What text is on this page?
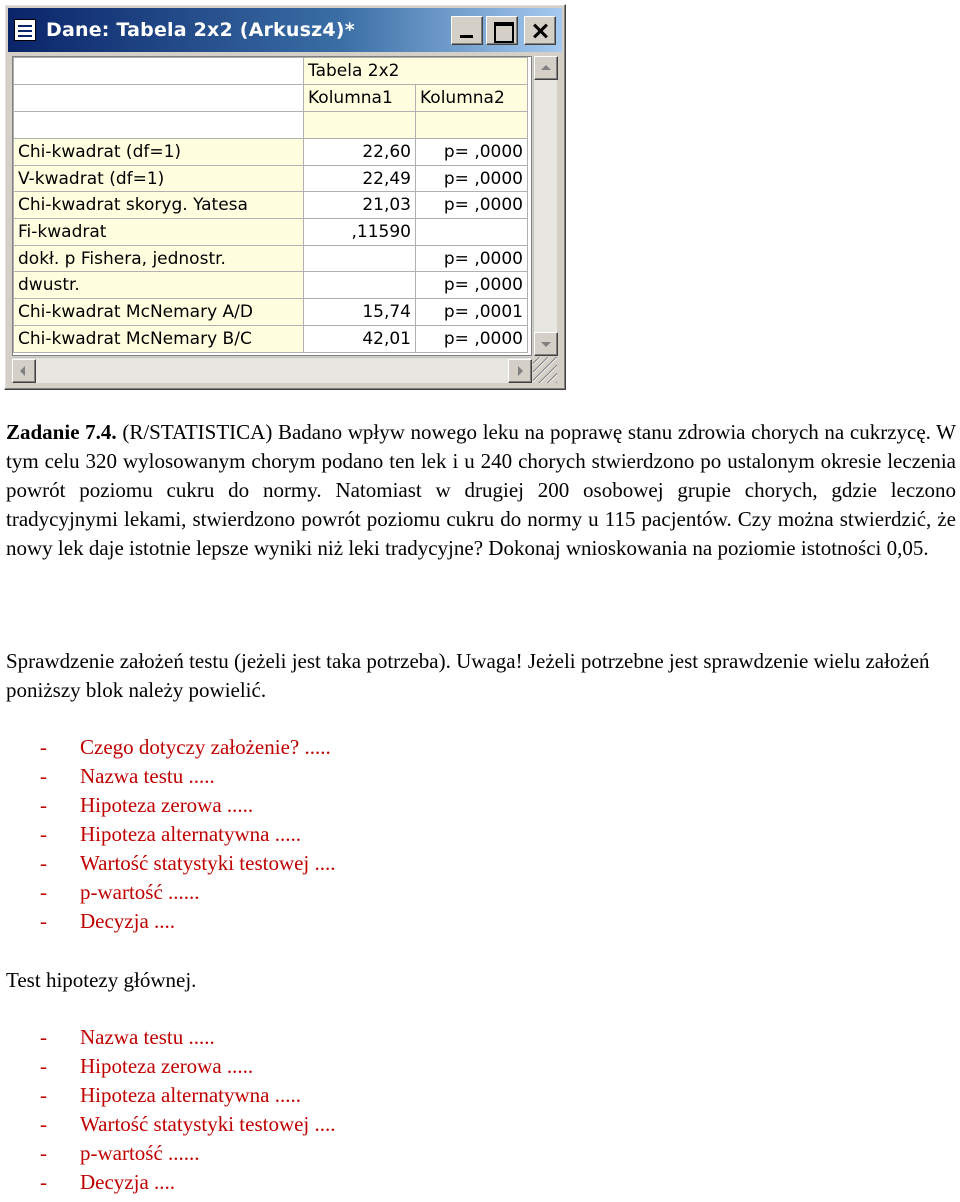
Dane: Tabela 2x2 (Arkusz4)*
	Tabela 2x2	
	Kolumna1	Kolumna2

Chi-kwadrat (df=1)	22,60	p= ,0000
V-kwadrat (df=1)	22,49	p= ,0000
Chi-kwadrat skoryg. Yatesa	21,03	p= ,0000
Fi-kwadrat	,11590	
dokł. p Fishera, jednostr.		p= ,0000
dwustr.		p= ,0000
Chi-kwadrat McNemary A/D	15,74	p= ,0001
Chi-kwadrat McNemary B/C	42,01	p= ,0000
Zadanie 7.4. (R/STATISTICA) Badano wpływ nowego leku na poprawę stanu zdrowia chorych na cukrzycę. W tym celu 320 wylosowanym chorym podano ten lek i u 240 chorych stwierdzono po ustalonym okresie leczenia powrót poziomu cukru do normy. Natomiast w drugiej 200 osobowej grupie chorych, gdzie leczono tradycyjnymi lekami, stwierdzono powrót poziomu cukru do normy u 115 pacjentów. Czy można stwierdzić, że nowy lek daje istotnie lepsze wyniki niż leki tradycyjne? Dokonaj wnioskowania na poziomie istotności 0,05.
Sprawdzenie założeń testu (jeżeli jest taka potrzeba). Uwaga! Jeżeli potrzebne jest sprawdzenie wielu założeń poniższy blok należy powielić.
- Czego dotyczy założenie? .....
- Nazwa testu .....
- Hipoteza zerowa .....
- Hipoteza alternatywna .....
- Wartość statystyki testowej ....
- p-wartość ......
- Decyzja ....
Test hipotezy głównej.
- Nazwa testu .....
- Hipoteza zerowa .....
- Hipoteza alternatywna .....
- Wartość statystyki testowej ....
- p-wartość ......
- Decyzja ....
